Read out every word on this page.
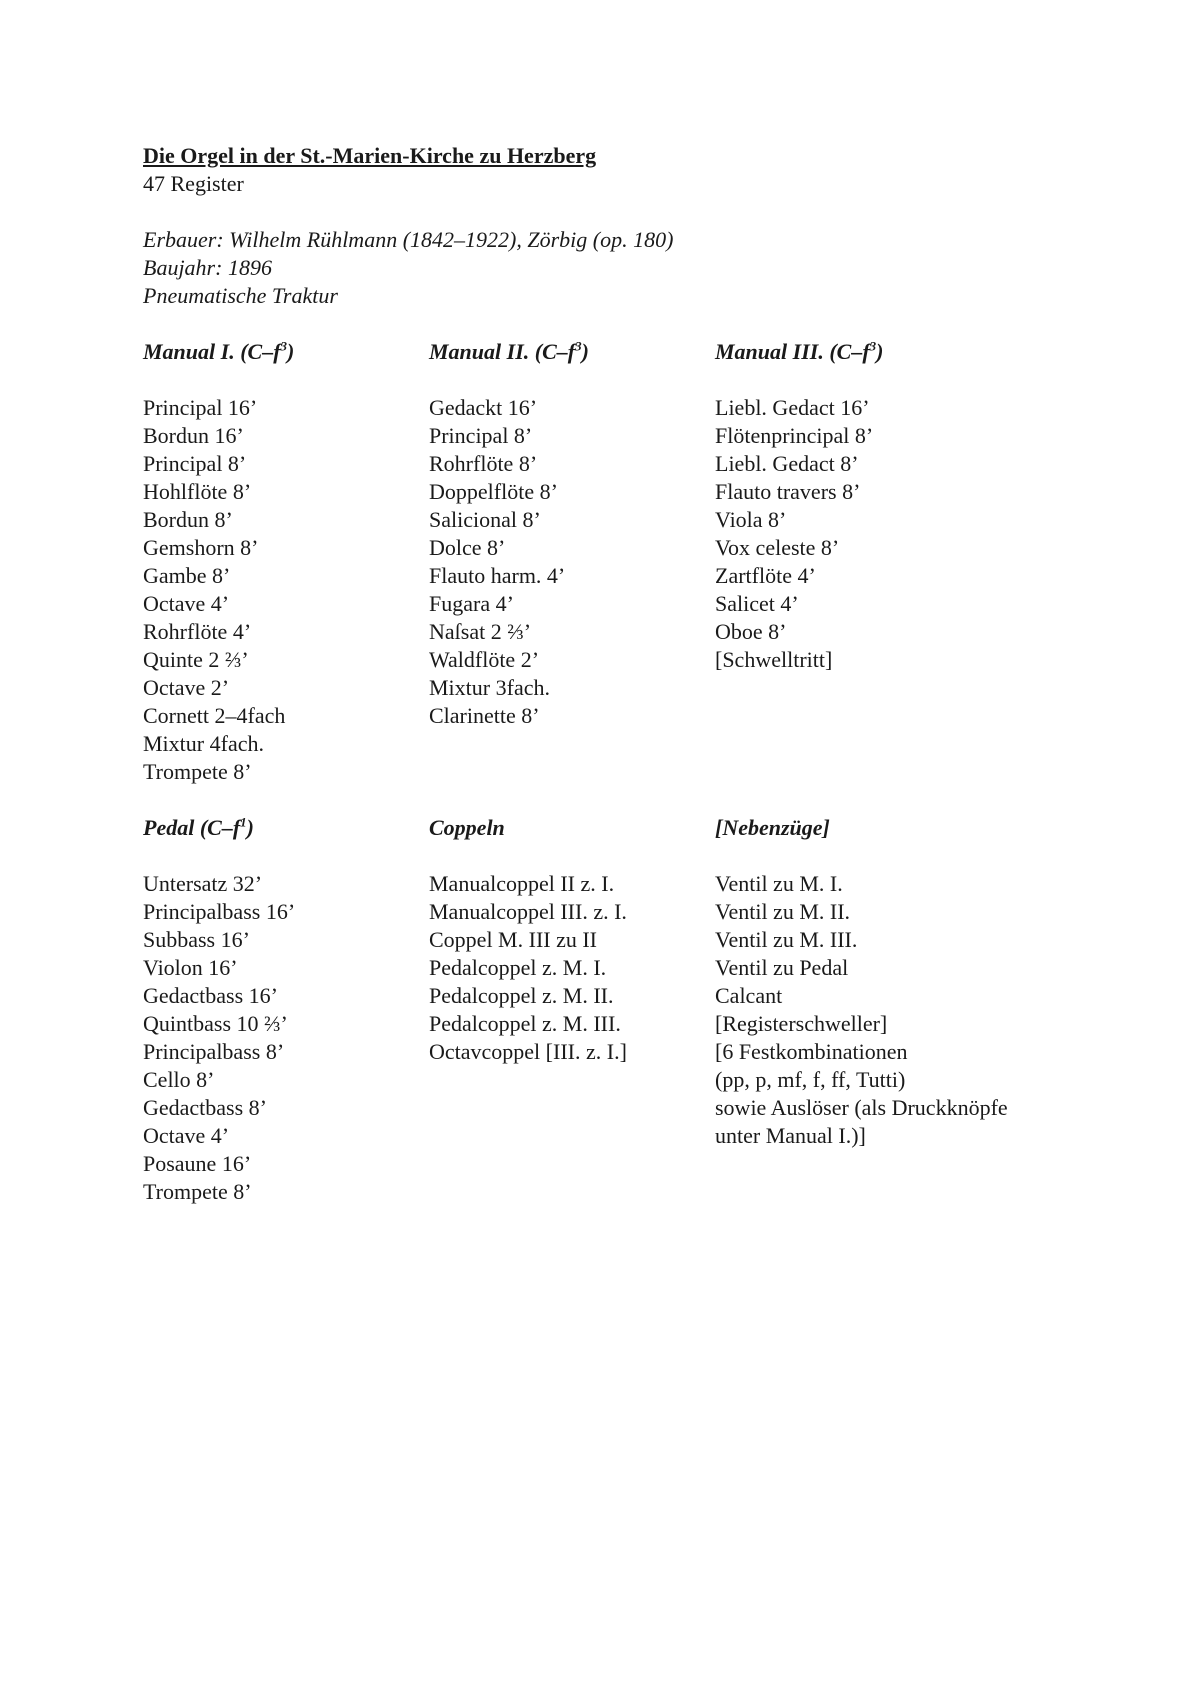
Die Orgel in der St.-Marien-Kirche zu Herzberg

47 Register

Erbauer: Wilhelm Rühlmann (1842–1922), Zörbig (op. 180)
Baujahr: 1896
Pneumatische Traktur
Manual I. $(C-f^3)$
Principal 16’
Bordun 16’
Principal 8’
Hohlflöte 8’
Bordun 8’
Gemshorn 8’
Gambe 8’
Octave 4’
Rohrflöte 4’
Quinte 2 ⅔’
Octave 2’
Cornett 2–4fach
Mixtur 4fach.
Trompete 8’
Manual II. $(C-f^3)$
Gedackt 16’
Principal 8’
Rohrflöte 8’
Doppelflöte 8’
Salicional 8’
Dolce 8’
Flauto harm. 4’
Fugara 4’
Naſsat 2 ⅔’
Waldflöte 2’
Mixtur 3fach.
Clarinette 8’
Manual III. $(C-f^3)$
Liebl. Gedact 16’
Flötenprincipal 8’
Liebl. Gedact 8’
Flauto travers 8’
Viola 8’
Vox celeste 8’
Zartflöte 4’
Salicet 4’
Oboe 8’
[Schwelltritt]
Pedal $(C-f^1)$
Untersatz 32’
Principalbass 16’
Subbass 16’
Violon 16’
Gedactbass 16’
Quintbass 10 ⅔’
Principalbass 8’
Cello 8’
Gedactbass 8’
Octave 4’
Posaune 16’
Trompete 8’
Coppeln
Manualcoppel II z. I.
Manualcoppel III. z. I.
Coppel M. III zu II
Pedalcoppel z. M. I.
Pedalcoppel z. M. II.
Pedalcoppel z. M. III.
Octavcoppel [III. z. I.]
[Nebenzüge]
Ventil zu M. I.
Ventil zu M. II.
Ventil zu M. III.
Ventil zu Pedal
Calcant
[Registerschweller]
[6 Festkombinationen
(pp, p, mf, f, ff, Tutti)
sowie Auslöser (als Druckknöpfe
unter Manual I.)]
